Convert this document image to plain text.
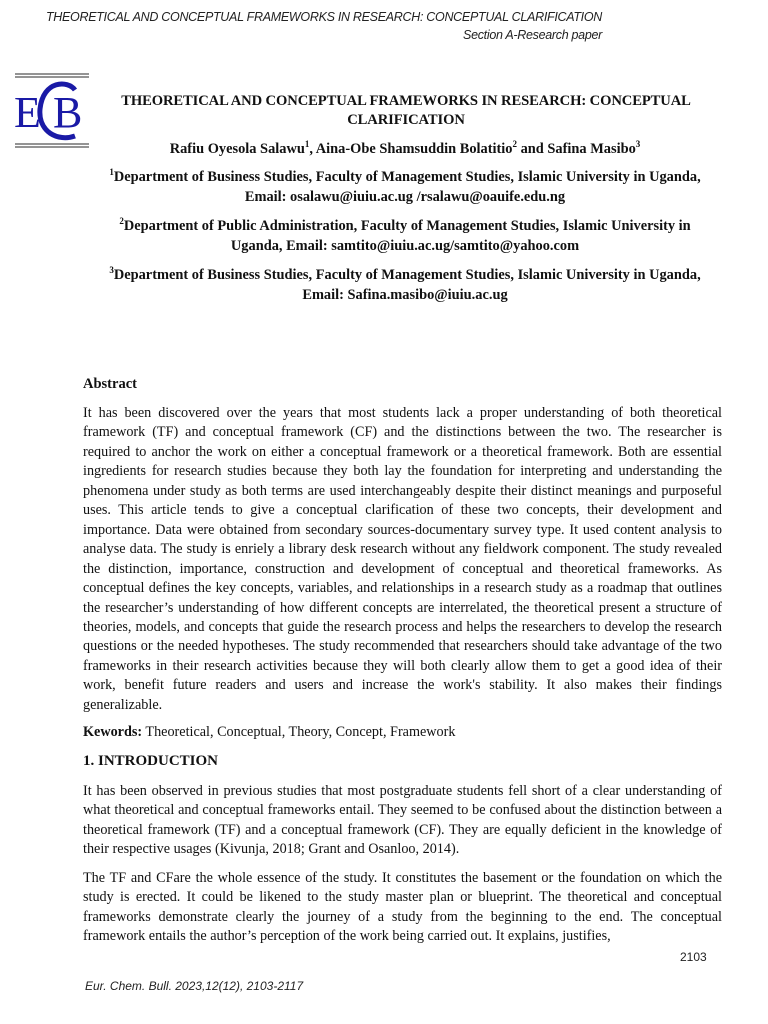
THEORETICAL AND CONCEPTUAL FRAMEWORKS IN RESEARCH: CONCEPTUAL CLARIFICATION
Section A-Research paper
E B	THEORETICAL AND CONCEPTUAL FRAMEWORKS IN RESEARCH: CONCEPTUAL
CLARIFICATION
Rafiu Oyesola Salawu$^1$, Aina-Obe Shamsuddin Bolatitio$^2$ and Safina Masibo$^3$
$^1$Department of Business Studies, Faculty of Management Studies, Islamic University in Uganda,
Email: osalawu@iuiu.ac.ug /rsalawu@oauife.edu.ng
$^2$Department of Public Administration, Faculty of Management Studies, Islamic University in
Uganda, Email: samtito@iuiu.ac.ug/samtito@yahoo.com
$^3$Department of Business Studies, Faculty of Management Studies, Islamic University in Uganda,
Email: Safina.masibo@iuiu.ac.ug
Abstract
It has been discovered over the years that most students lack a proper understanding of both theoretical framework (TF) and conceptual framework (CF) and the distinctions between the two. The researcher is required to anchor the work on either a conceptual framework or a theoretical framework. Both are essential ingredients for research studies because they both lay the foundation for interpreting and understanding the phenomena under study as both terms are used interchangeably despite their distinct meanings and purposeful uses. This article tends to give a conceptual clarification of these two concepts, their development and importance. Data were obtained from secondary sources-documentary survey type. It used content analysis to analyse data. The study is enriely a library desk research without any fieldwork component. The study revealed the distinction, importance, construction and development of conceptual and theoretical frameworks. As conceptual defines the key concepts, variables, and relationships in a research study as a roadmap that outlines the researcher’s understanding of how different concepts are interrelated, the theoretical present a structure of theories, models, and concepts that guide the research process and helps the researchers to develop the research questions or the needed hypotheses. The study recommended that researchers should take advantage of the two frameworks in their research activities because they will both clearly allow them to get a good idea of their work, benefit future readers and users and increase the work's stability. It also makes their findings generalizable.
Kewords: Theoretical, Conceptual, Theory, Concept, Framework
1. INTRODUCTION
It has been observed in previous studies that most postgraduate students fell short of a clear understanding of what theoretical and conceptual frameworks entail. They seemed to be confused about the distinction between a theoretical framework (TF) and a conceptual framework (CF). They are equally deficient in the knowledge of their respective usages (Kivunja, 2018; Grant and Osanloo, 2014).
The TF and CFare the whole essence of the study. It constitutes the basement or the foundation on which the study is erected. It could be likened to the study master plan or blueprint. The theoretical and conceptual frameworks demonstrate clearly the journey of a study from the beginning to the end. The conceptual framework entails the author’s perception of the work being carried out. It explains, justifies,
2103
Eur. Chem. Bull. 2023,12(12), 2103-2117
